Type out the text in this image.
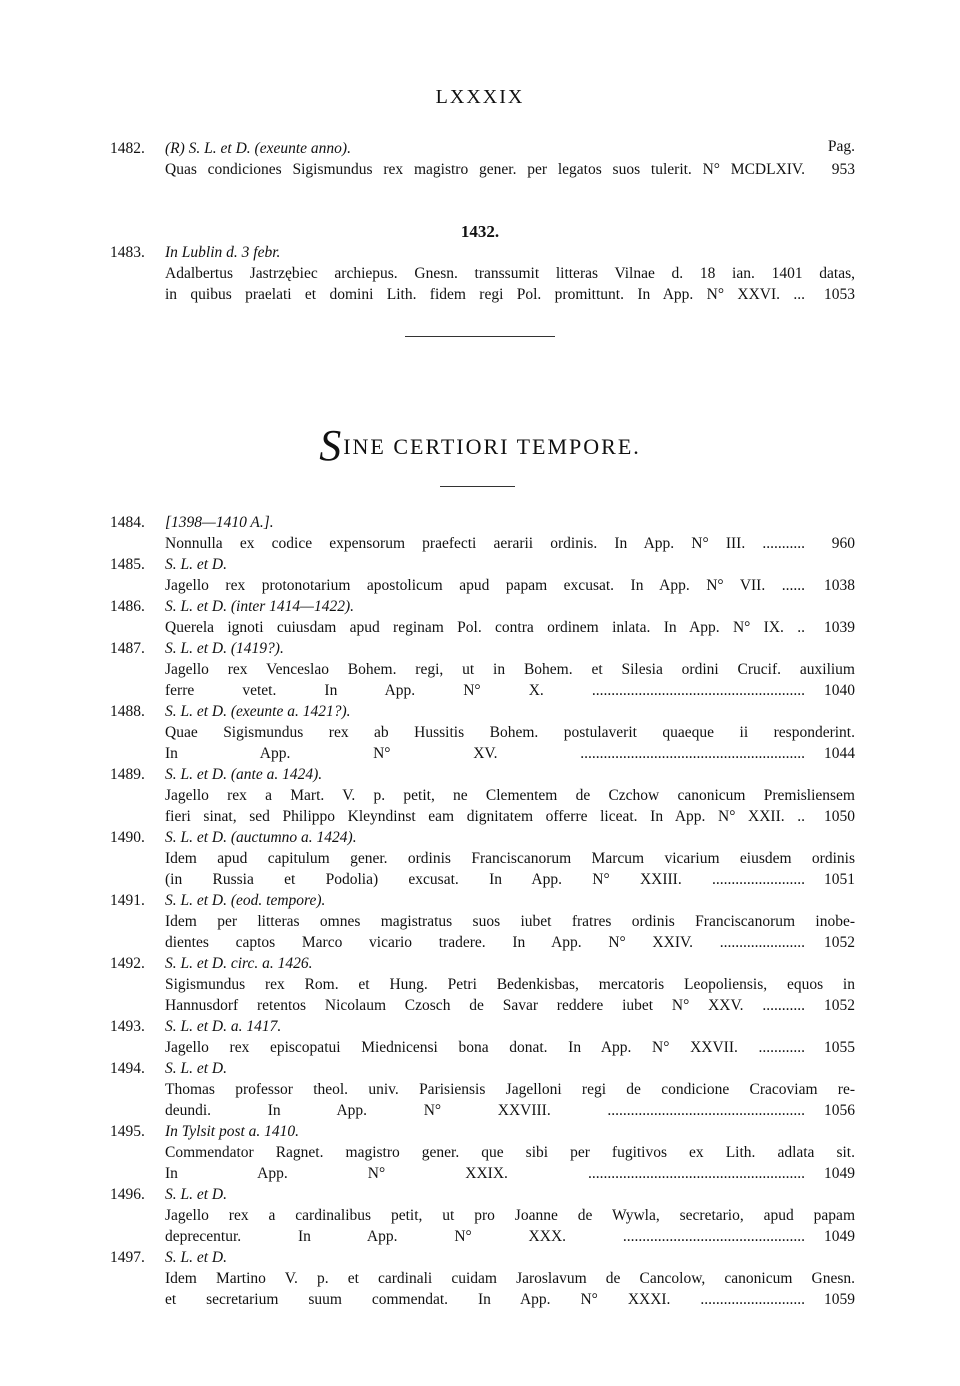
LXXXIX
1482.	(R) S. L. et D. (exeunte anno).	Pag.
Quas condiciones Sigismundus rex magistro gener. per legatos suos tulerit. N° MCDLXIV.	953
1432.
1483.	In Lublin d. 3 febr.
Adalbertus Jastrzębiec archiepus. Gnesn. transsumit litteras Vilnae d. 18 ian. 1401 datas,
in quibus praelati et domini Lith. fidem regi Pol. promittunt. In App. N° XXVI. ...	1053
SINE CERTIORI TEMPORE.
1484.	[1398—1410 A.].
Nonnulla ex codice expensorum praefecti aerarii ordinis. In App. N° III. ...........	960
1485.	S. L. et D.
Jagello rex protonotarium apostolicum apud papam excusat. In App. N° VII. ......	1038
1486.	S. L. et D. (inter 1414—1422).
Querela ignoti cuiusdam apud reginam Pol. contra ordinem inlata. In App. N° IX. ..	1039
1487.	S. L. et D. (1419?).
Jagello rex Venceslao Bohem. regi, ut in Bohem. et Silesia ordini Crucif. auxilium
ferre vetet. In App. N° X. .......................................................	1040
1488.	S. L. et D. (exeunte a. 1421?).
Quae Sigismundus rex ab Hussitis Bohem. postulaverit quaeque ii responderint.
In App. N° XV. ..........................................................	1044
1489.	S. L. et D. (ante a. 1424).
Jagello rex a Mart. V. p. petit, ne Clementem de Czchow canonicum Premisliensem
fieri sinat, sed Philippo Kleyndinst eam dignitatem offerre liceat. In App. N° XXII. ..	1050
1490.	S. L. et D. (auctumno a. 1424).
Idem apud capitulum gener. ordinis Franciscanorum Marcum vicarium eiusdem ordinis
(in Russia et Podolia) excusat. In App. N° XXIII. ........................	1051
1491.	S. L. et D. (eod. tempore).
Idem per litteras omnes magistratus suos iubet fratres ordinis Franciscanorum inobe-
dientes captos Marco vicario tradere. In App. N° XXIV. ......................	1052
1492.	S. L. et D. circ. a. 1426.
Sigismundus rex Rom. et Hung. Petri Bedenkisbas, mercatoris Leopoliensis, equos in
Hannusdorf retentos Nicolaum Czosch de Savar reddere iubet N° XXV. ...........	1052
1493.	S. L. et D. a. 1417.
Jagello rex episcopatui Miednicensi bona donat. In App. N° XXVII. ............	1055
1494.	S. L. et D.
Thomas professor theol. univ. Parisiensis Jagelloni regi de condicione Cracoviam re-
deundi. In App. N° XXVIII. ...................................................	1056
1495.	In Tylsit post a. 1410.
Commendator Ragnet. magistro gener. que sibi per fugitivos ex Lith. adlata sit.
In App. N° XXIX. ........................................................	1049
1496.	S. L. et D.
Jagello rex a cardinalibus petit, ut pro Joanne de Wywla, secretario, apud papam
deprecentur. In App. N° XXX. ...............................................	1049
1497.	S. L. et D.
Idem Martino V. p. et cardinali cuidam Jaroslavum de Cancolow, canonicum Gnesn.
et secretarium suum commendat. In App. N° XXXI. ...........................	1059
